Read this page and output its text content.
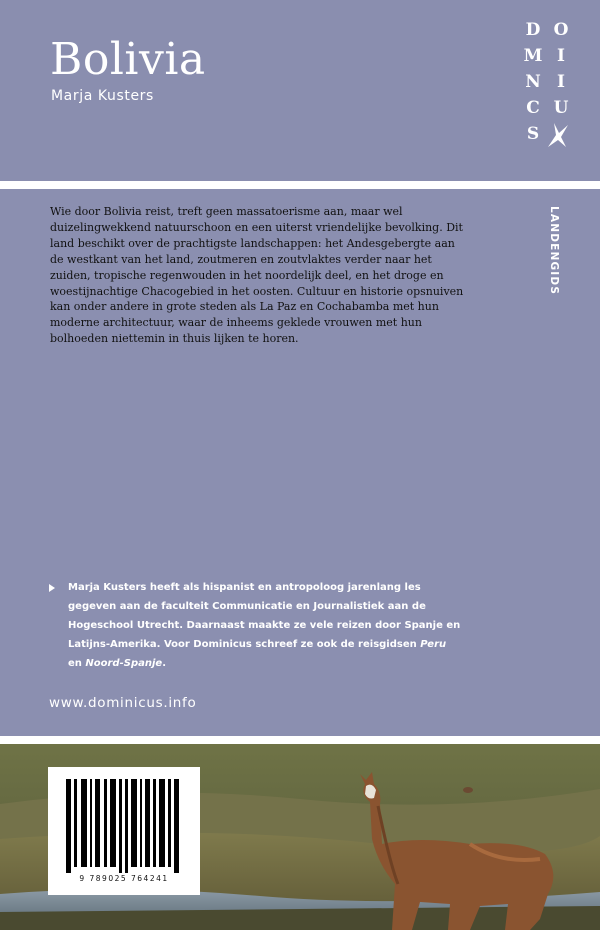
Bolivia
Marja Kusters
D O
M I
N I
C U
S

Wie door Bolivia reist, treft geen massatoerisme aan, maar wel duizelingwekkend natuurschoon en een uiterst vriendelijke bevolking. Dit land beschikt over de prachtigste landschappen: het Andesgebergte aan de westkant van het land, zoutmeren en zoutvlaktes verder naar het zuiden, tropische regenwouden in het noordelijk deel, en het droge en woestijnachtige Chacogebied in het oosten. Cultuur en historie opsnuiven kan onder andere in grote steden als La Paz en Cochabamba met hun moderne architectuur, waar de inheems geklede vrouwen met hun bolhoeden niettemin in thuis lijken te horen.

LANDENGIDS

Marja Kusters heeft als hispanist en antropoloog jarenlang les gegeven aan de faculteit Communicatie en Journalistiek aan de Hogeschool Utrecht. Daarnaast maakte ze vele reizen door Spanje en Latijns-Amerika. Voor Dominicus schreef ze ook de reisgidsen Peru en Noord-Spanje.

www.dominicus.info
9 789025 764241
